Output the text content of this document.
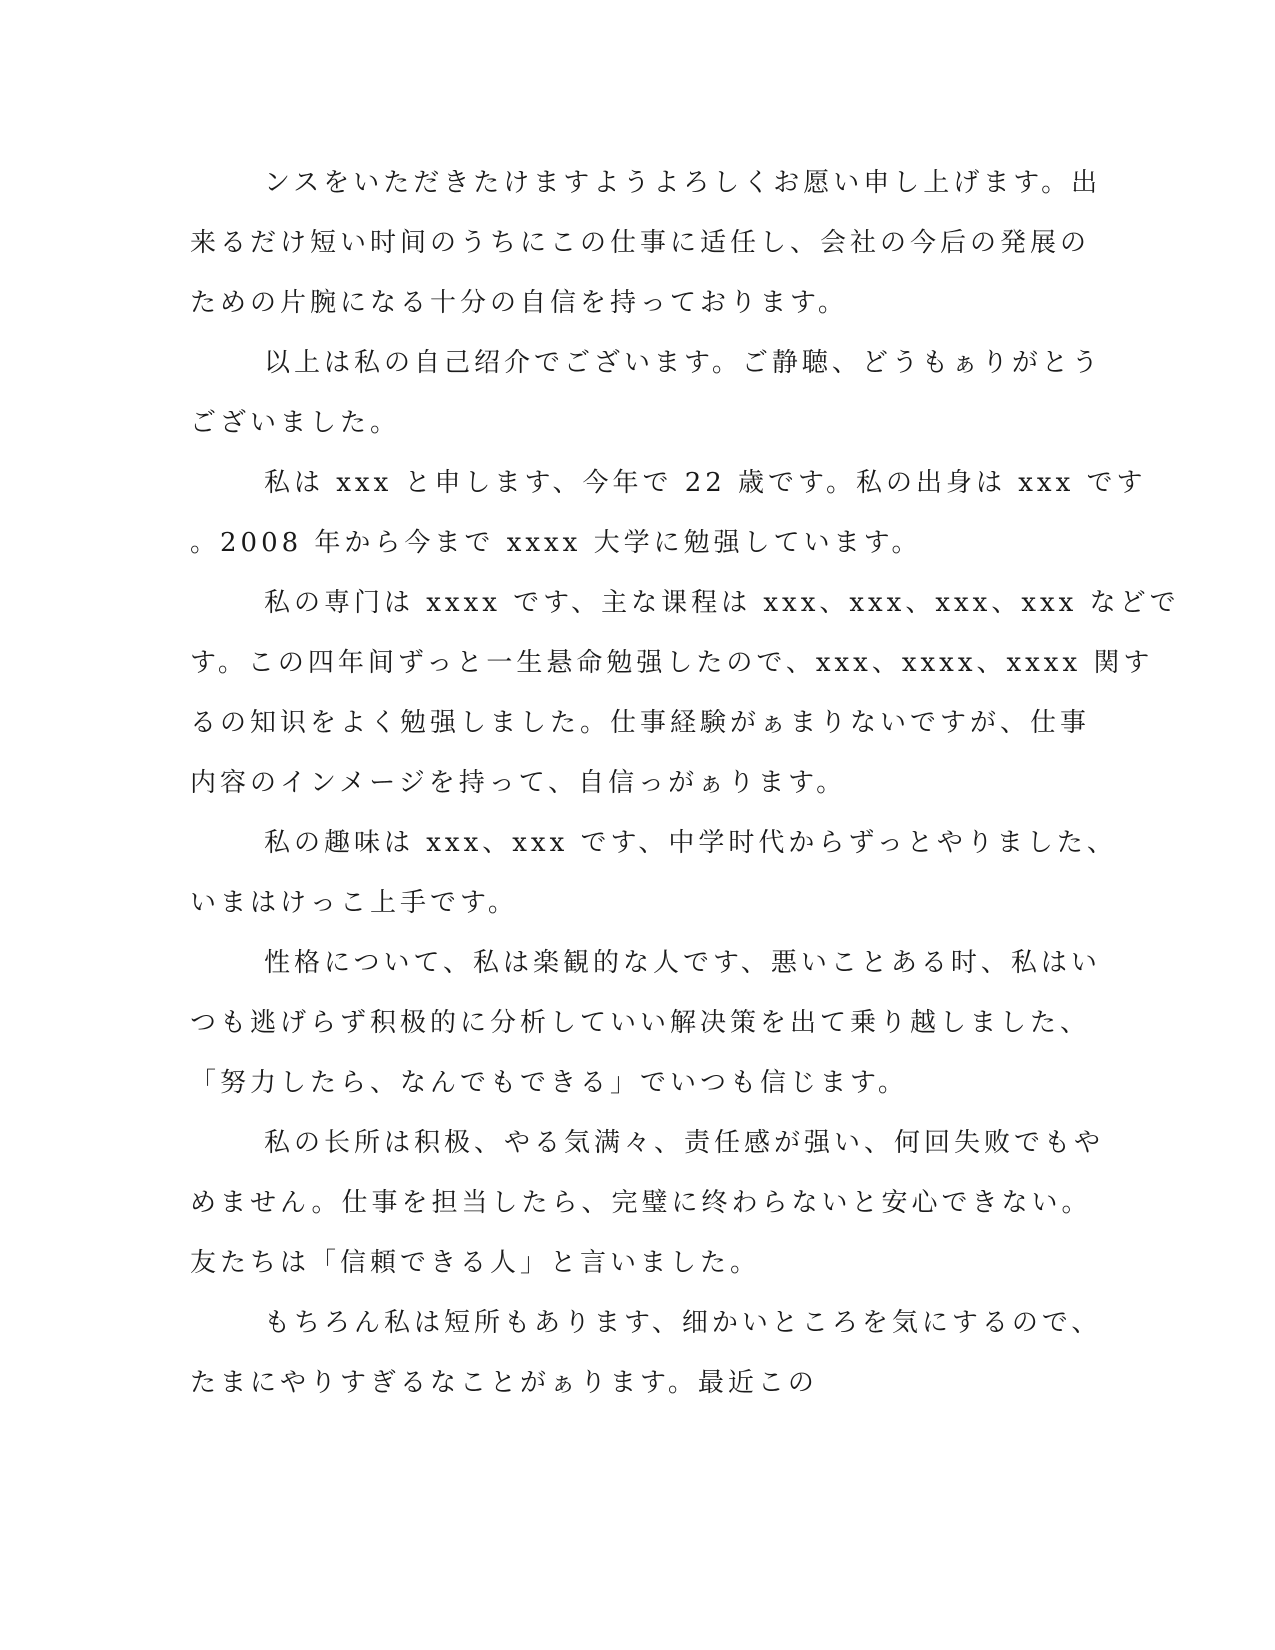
ンスをいただきたけますようよろしくお愿い申し上げます。出
来るだけ短い时间のうちにこの仕事に适任し、会社の今后の発展の
ための片腕になる十分の自信を持っております。
以上は私の自己绍介でございます。ご静聴、どうもぁりがとう
ございました。
私は xxx と申します、今年で 22 歳です。私の出身は xxx です
。2008 年から今まで xxxx 大学に勉强しています。
私の専门は xxxx です、主な课程は xxx、xxx、xxx、xxx などで
す。この四年间ずっと一生悬命勉强したので、xxx、xxxx、xxxx 関す
るの知识をよく勉强しました。仕事経験がぁまりないですが、仕事
内容のインメージを持って、自信っがぁります。
私の趣味は xxx、xxx です、中学时代からずっとやりました、
いまはけっこ上手です。
性格について、私は楽観的な人です、悪いことある时、私はい
つも逃げらず积极的に分析していい解决策を出て乗り越しました、
「努力したら、なんでもできる」でいつも信じます。
私の长所は积极、やる気满々、责任感が强い、何回失败でもや
めません。仕事を担当したら、完璧に终わらないと安心できない。
友たちは「信頼できる人」と言いました。
もちろん私は短所もあります、细かいところを気にするので、
たまにやりすぎるなことがぁります。最近この
